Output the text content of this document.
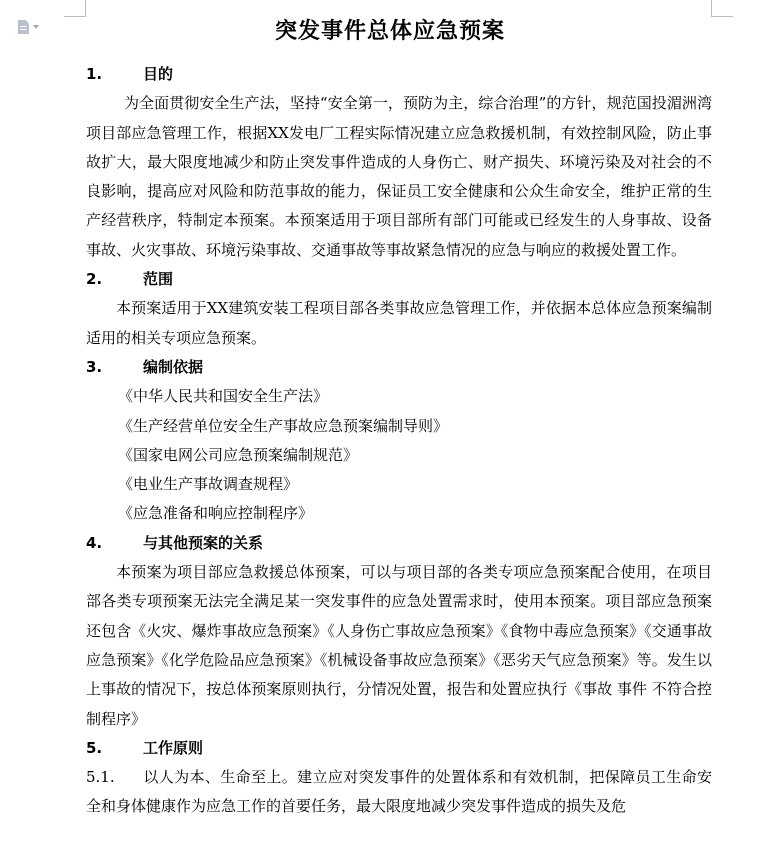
突发事件总体应急预案
1.	目的

为全面贯彻安全生产法，坚持“安全第一，预防为主，综合治理”的方针，规范国投湄洲湾项目部应急管理工作，根据XX发电厂工程实际情况建立应急救援机制，有效控制风险，防止事故扩大，最大限度地减少和防止突发事件造成的人身伤亡、财产损失、环境污染及对社会的不良影响，提高应对风险和防范事故的能力，保证员工安全健康和公众生命安全，维护正常的生产经营秩序，特制定本预案。本预案适用于项目部所有部门可能或已经发生的人身事故、设备事故、火灾事故、环境污染事故、交通事故等事故紧急情况的应急与响应的救援处置工作。

2.	范围

本预案适用于XX建筑安装工程项目部各类事故应急管理工作，并依据本总体应急预案编制适用的相关专项应急预案。

3.	编制依据

《中华人民共和国安全生产法》

《生产经营单位安全生产事故应急预案编制导则》

《国家电网公司应急预案编制规范》

《电业生产事故调查规程》

《应急准备和响应控制程序》

4.	与其他预案的关系

本预案为项目部应急救援总体预案，可以与项目部的各类专项应急预案配合使用，在项目部各类专项预案无法完全满足某一突发事件的应急处置需求时，使用本预案。项目部应急预案还包含《火灾、爆炸事故应急预案》《人身伤亡事故应急预案》《食物中毒应急预案》《交通事故应急预案》《化学危险品应急预案》《机械设备事故应急预案》《恶劣天气应急预案》等。发生以上事故的情况下，按总体预案原则执行，分情况处置，报告和处置应执行《事故 事件 不符合控制程序》

5.	工作原则

5.1. 以人为本、生命至上。建立应对突发事件的处置体系和有效机制，把保障员工生命安全和身体健康作为应急工作的首要任务，最大限度地减少突发事件造成的损失及危
